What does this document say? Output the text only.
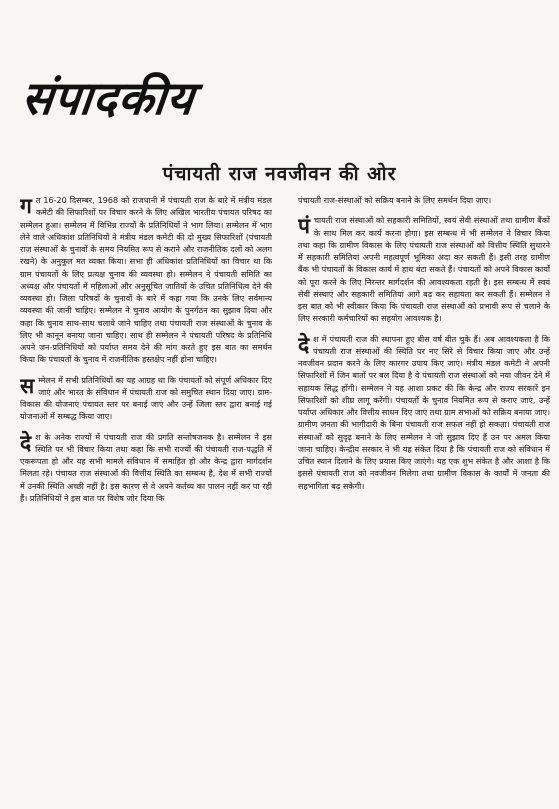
संपादकीय
पंचायती राज नवजीवन की ओर

गत 16-20 दिसम्बर, 1968 को राजधानी में पंचायती राज के बारे में मंत्रीय मंडल कमेटी की सिफारिशों पर विचार करने के लिए अखिल भारतीय पंचायत परिषद का सम्मेलन हुआ। सम्मेलन में विभिन्न राज्यों के प्रतिनिधियों ने भाग लिया। सम्मेलन में भाग लेने वाले अधिकांश प्रतिनिधियों ने मंत्रीय मंडल कमेटी की दो मुख्य सिफारिशों (पंचायती राज संस्थाओं के चुनावों के समय नियमित रूप से कराने और राजनीतिक दलों को अलग रखने) के अनुकूल मत व्यक्त किया। सभा ही अधिकांश प्रतिनिधियों का विचार था कि ग्राम पंचायतों के लिए प्रत्यक्ष चुनाव की व्यवस्था हो। सम्मेलन ने पंचायती समिति का अध्यक्ष और पंचायतों में महिलाओं और अनुसूचित जातियों के उचित प्रतिनिधित्व देने की व्यवस्था हो। जिला परिषदों के चुनावों के बारे में कहा गया कि उनके लिए सर्वमान्य व्यवस्था की जानी चाहिए। सम्मेलन ने चुनाव आयोग के पुनर्गठन का सुझाव दिया और कहा कि चुनाव साथ-साथ चलाये जाने चाहिए तथा पंचायती राज संस्थाओं के चुनाव के लिए भी कानून बनाया जाना चाहिए। साथ ही सम्मेलन ने पंचायती परिषद के प्रतिनिधि अपने जन-प्रतिनिधियों को पर्याप्त समय देने की मांग करते हुए इस बात का समर्थन किया कि पंचायतों के चुनाव में राजनीतिक हस्तक्षेप नहीं होना चाहिए।

सम्मेलन में सभी प्रतिनिधियों का यह आग्रह था कि पंचायतों को संपूर्ण अधिकार दिए जाएं और भारत के संविधान में पंचायती राज को समुचित स्थान दिया जाए। ग्राम-विकास की योजनाएं पंचायत स्तर पर बनाई जाएं और उन्हें जिला स्तर द्वारा बनाई गई योजनाओं में सम्बद्ध किया जाए।

देश के अनेक राज्यों में पंचायती राज की प्रगति सन्तोषजनक है। सम्मेलन ने इस स्थिति पर भी विचार किया तथा कहा कि सभी राज्यों की पंचायती राज-पद्धति में एकरूपता हो और यह सभी मामले संविधान में समाहित हो और केन्द्र द्वारा मार्गदर्शन मिलता रहे। पंचायत राज संस्थाओं की वित्तीय स्थिति का सम्बन्ध है, देश में सभी राज्यों में उनकी स्थिति अच्छी नहीं है। इस कारण से वे अपने कर्तव्य का पालन नहीं कर पा रही हैं। प्रतिनिधियों ने इस बात पर विशेष जोर दिया कि

पंचायती राज-संस्थाओं को सक्रिय बनाने के लिए समर्थन दिया जाए।

पंचायती राज संस्थाओं को सहकारी समितियों, स्वयं सेवी संस्थाओं तथा ग्रामीण बैंकों के साथ मिल कर कार्य करना होगा। इस सम्बन्ध में भी सम्मेलन ने विचार किया तथा कहा कि ग्रामीण विकास के लिए पंचायती राज संस्थाओं को वित्तीय स्थिति सुधारने में सहकारी समितियां अपनी महत्वपूर्ण भूमिका अदा कर सकती हैं। इसी तरह ग्रामीण बैंक भी पंचायतों के विकास कार्य में हाथ बंटा सकते हैं। पंचायतों को अपने विकास कार्यों को पूरा करने के लिए निरन्तर मार्गदर्शन की आवश्यकता रहती है। इस सम्बन्ध में स्वयं सेवी संस्थाएं और सहकारी समितियां आगे बढ़ कर सहायता कर सकती हैं। सम्मेलन ने इस बात को भी स्वीकार किया कि पंचायती राज संस्थाओं को प्रभावी रूप से चलाने के लिए सरकारी कर्मचारियों का सहयोग आवश्यक है।

देश में पंचायती राज की स्थापना हुए बीस वर्ष बीत चुके हैं। अब आवश्यकता है कि पंचायती राज संस्थाओं की स्थिति पर नए सिरे से विचार किया जाए और उन्हें नवजीवन प्रदान करने के लिए कारगर उपाय किए जाएं। मंत्रीय मंडल कमेटी ने अपनी सिफारिशों में जिन बातों पर बल दिया है वे पंचायती राज संस्थाओं को नया जीवन देने में सहायक सिद्ध होंगी। सम्मेलन ने यह आशा प्रकट की कि केन्द्र और राज्य सरकारें इन सिफारिशों को शीघ्र लागू करेंगी। पंचायतों के चुनाव नियमित रूप से कराए जाएं, उन्हें पर्याप्त अधिकार और वित्तीय साधन दिए जाएं तथा ग्राम सभाओं को सक्रिय बनाया जाए। ग्रामीण जनता की भागीदारी के बिना पंचायती राज सफल नहीं हो सकता। पंचायती राज संस्थाओं को सुदृढ़ बनाने के लिए सम्मेलन ने जो सुझाव दिए हैं उन पर अमल किया जाना चाहिए। केन्द्रीय सरकार ने भी यह संकेत दिया है कि पंचायती राज को संविधान में उचित स्थान दिलाने के लिए प्रयास किए जाएंगे। यह एक शुभ संकेत है और आशा है कि इससे पंचायती राज को नवजीवन मिलेगा तथा ग्रामीण विकास के कार्यों में जनता की सहभागिता बढ़ सकेगी।
